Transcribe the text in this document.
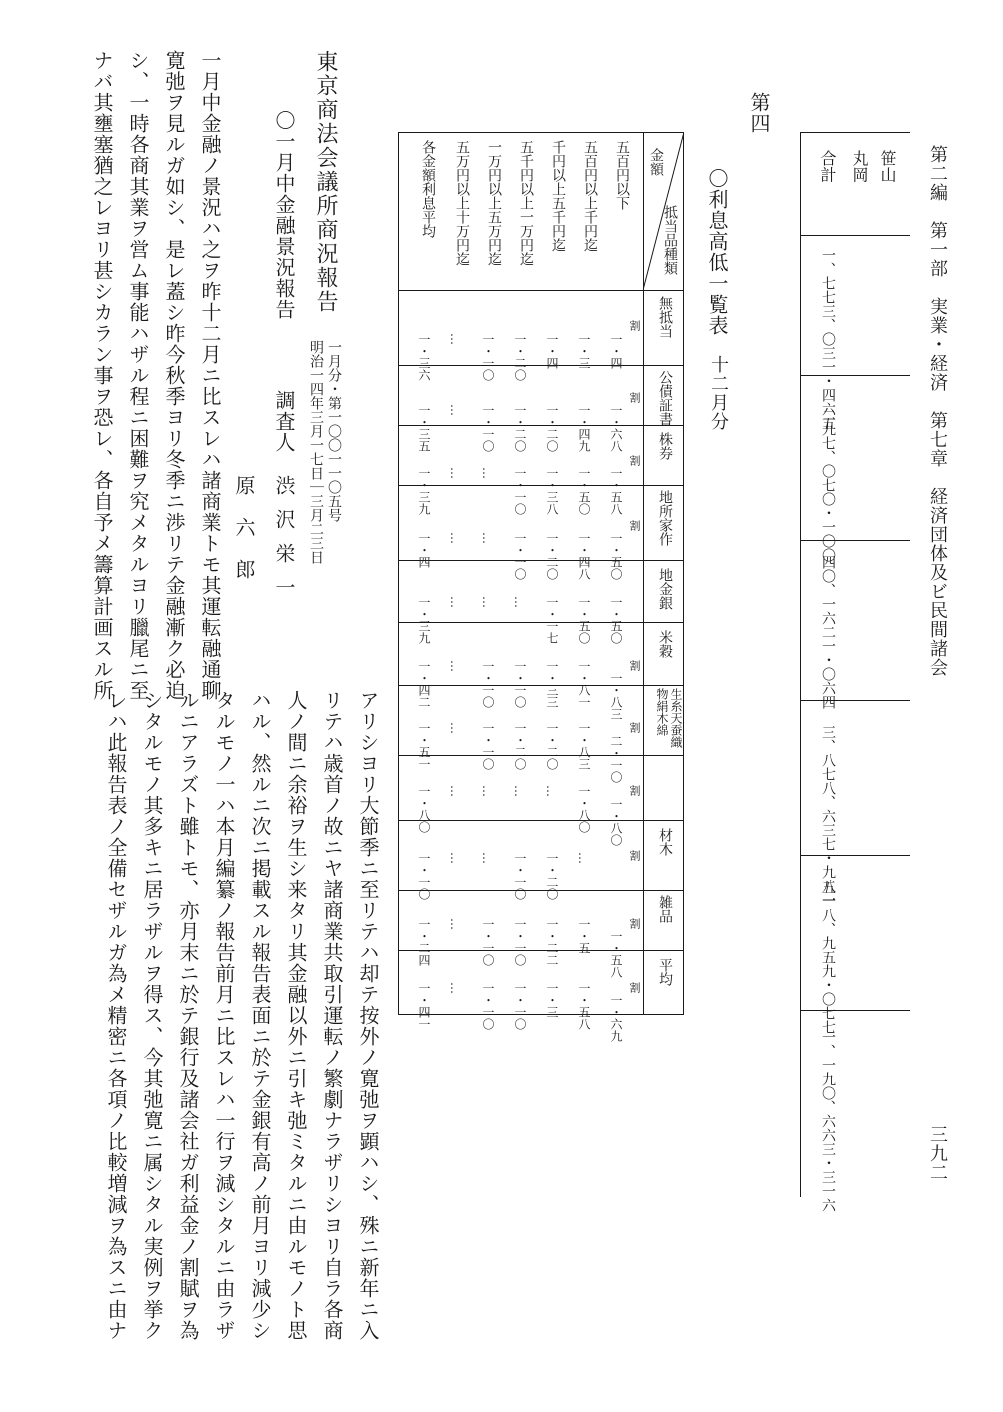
第二編　第一部　実業・経済　第七章　経済団体及ビ民間諸会
三九二
笹山
丸岡
合計
一、七七三、〇三一・四六五
二九七、〇七〇・一〇〇
四〇、一六二一・〇六四
三、八七八、六三七・九八一
五一八、九五九・〇七七
一、一九〇、六六三・三一六
第四
〇利息高低一覧表
十二月分
抵当品種類
金額
無抵当
公債証書
株券
地所家作
地金銀
米穀
生糸天蚕織物絹木綿
材木
雑品
平均
五百円以下
五百円以上千円迄
千円以上五千円迄
五千円以上一万円迄
一万円以上五万円迄
五万円以上十万円迄
各金額利息平均
割
割
割
割
割
割
割
割
割
割
一・四
一・六八
一・五八
一・五〇
一・五〇
一・八三
二・一〇
一・八〇
一・五八
一・六九
一・三
一・四九
一・五〇
一・四八
一・五〇
一・八一
一・八三
一・八〇
…
一・五
一・五八
一・四
一・二〇
一・三八
一・二〇
一・一七
一・三三
一・二〇
…
一・二〇
一・二二
一・三
一・二〇
一・二〇
一・一〇
一・一〇
…
一・一〇
一・二〇
…
一・一〇
一・一〇
一・一〇
一・一〇
一・一〇
…
…
…
一・一〇
一・一〇
…
…
一・一〇
一・一〇
…
…
…
…
…
…
…
…
…
…
…
一・三六
一・三五
一・三九
一・四
一・三九
一・四二
一・五一
一・八〇
一・一〇
一・二四
一・四一
東京商法会議所商況報告
一月分・第一〇〇一一〇五号
明治一四年三月一七日｜三月二三日
〇一月中金融景況報告
調査人
渋沢栄一
原六郎
一月中金融ノ景況ハ之ヲ昨十二月ニ比スレハ諸商業トモ其運転融通聊
寛弛ヲ見ルガ如シ、是レ蓋シ昨今秋季ヨリ冬季ニ渉リテ金融漸ク必迫
シ、一時各商其業ヲ営ム事能ハザル程ニ困難ヲ究メタルヨリ臘尾ニ至
ナバ其壅塞猶之レヨリ甚シカラン事ヲ恐レ、各自予メ籌算計画スル所
アリシヨリ大節季ニ至リテハ却テ按外ノ寛弛ヲ顕ハシ、殊ニ新年ニ入
リテハ歳首ノ故ニヤ諸商業共取引運転ノ繁劇ナラザリシヨリ自ラ各商
人ノ間ニ余裕ヲ生シ来タリ其金融以外ニ引キ弛ミタルニ由ルモノト思
ハル、然ルニ次ニ掲載スル報告表面ニ於テ金銀有高ノ前月ヨリ減少シ
タルモノ一ハ本月編纂ノ報告前月ニ比スレハ一行ヲ減シタルニ由ラザ
ルニアラズト雖トモ、亦月末ニ於テ銀行及諸会社ガ利益金ノ割賦ヲ為
シタルモノ其多キニ居ラザルヲ得ス、今其弛寛ニ属シタル実例ヲ挙ク
レハ此報告表ノ全備セザルガ為メ精密ニ各項ノ比較増減ヲ為スニ由ナ
